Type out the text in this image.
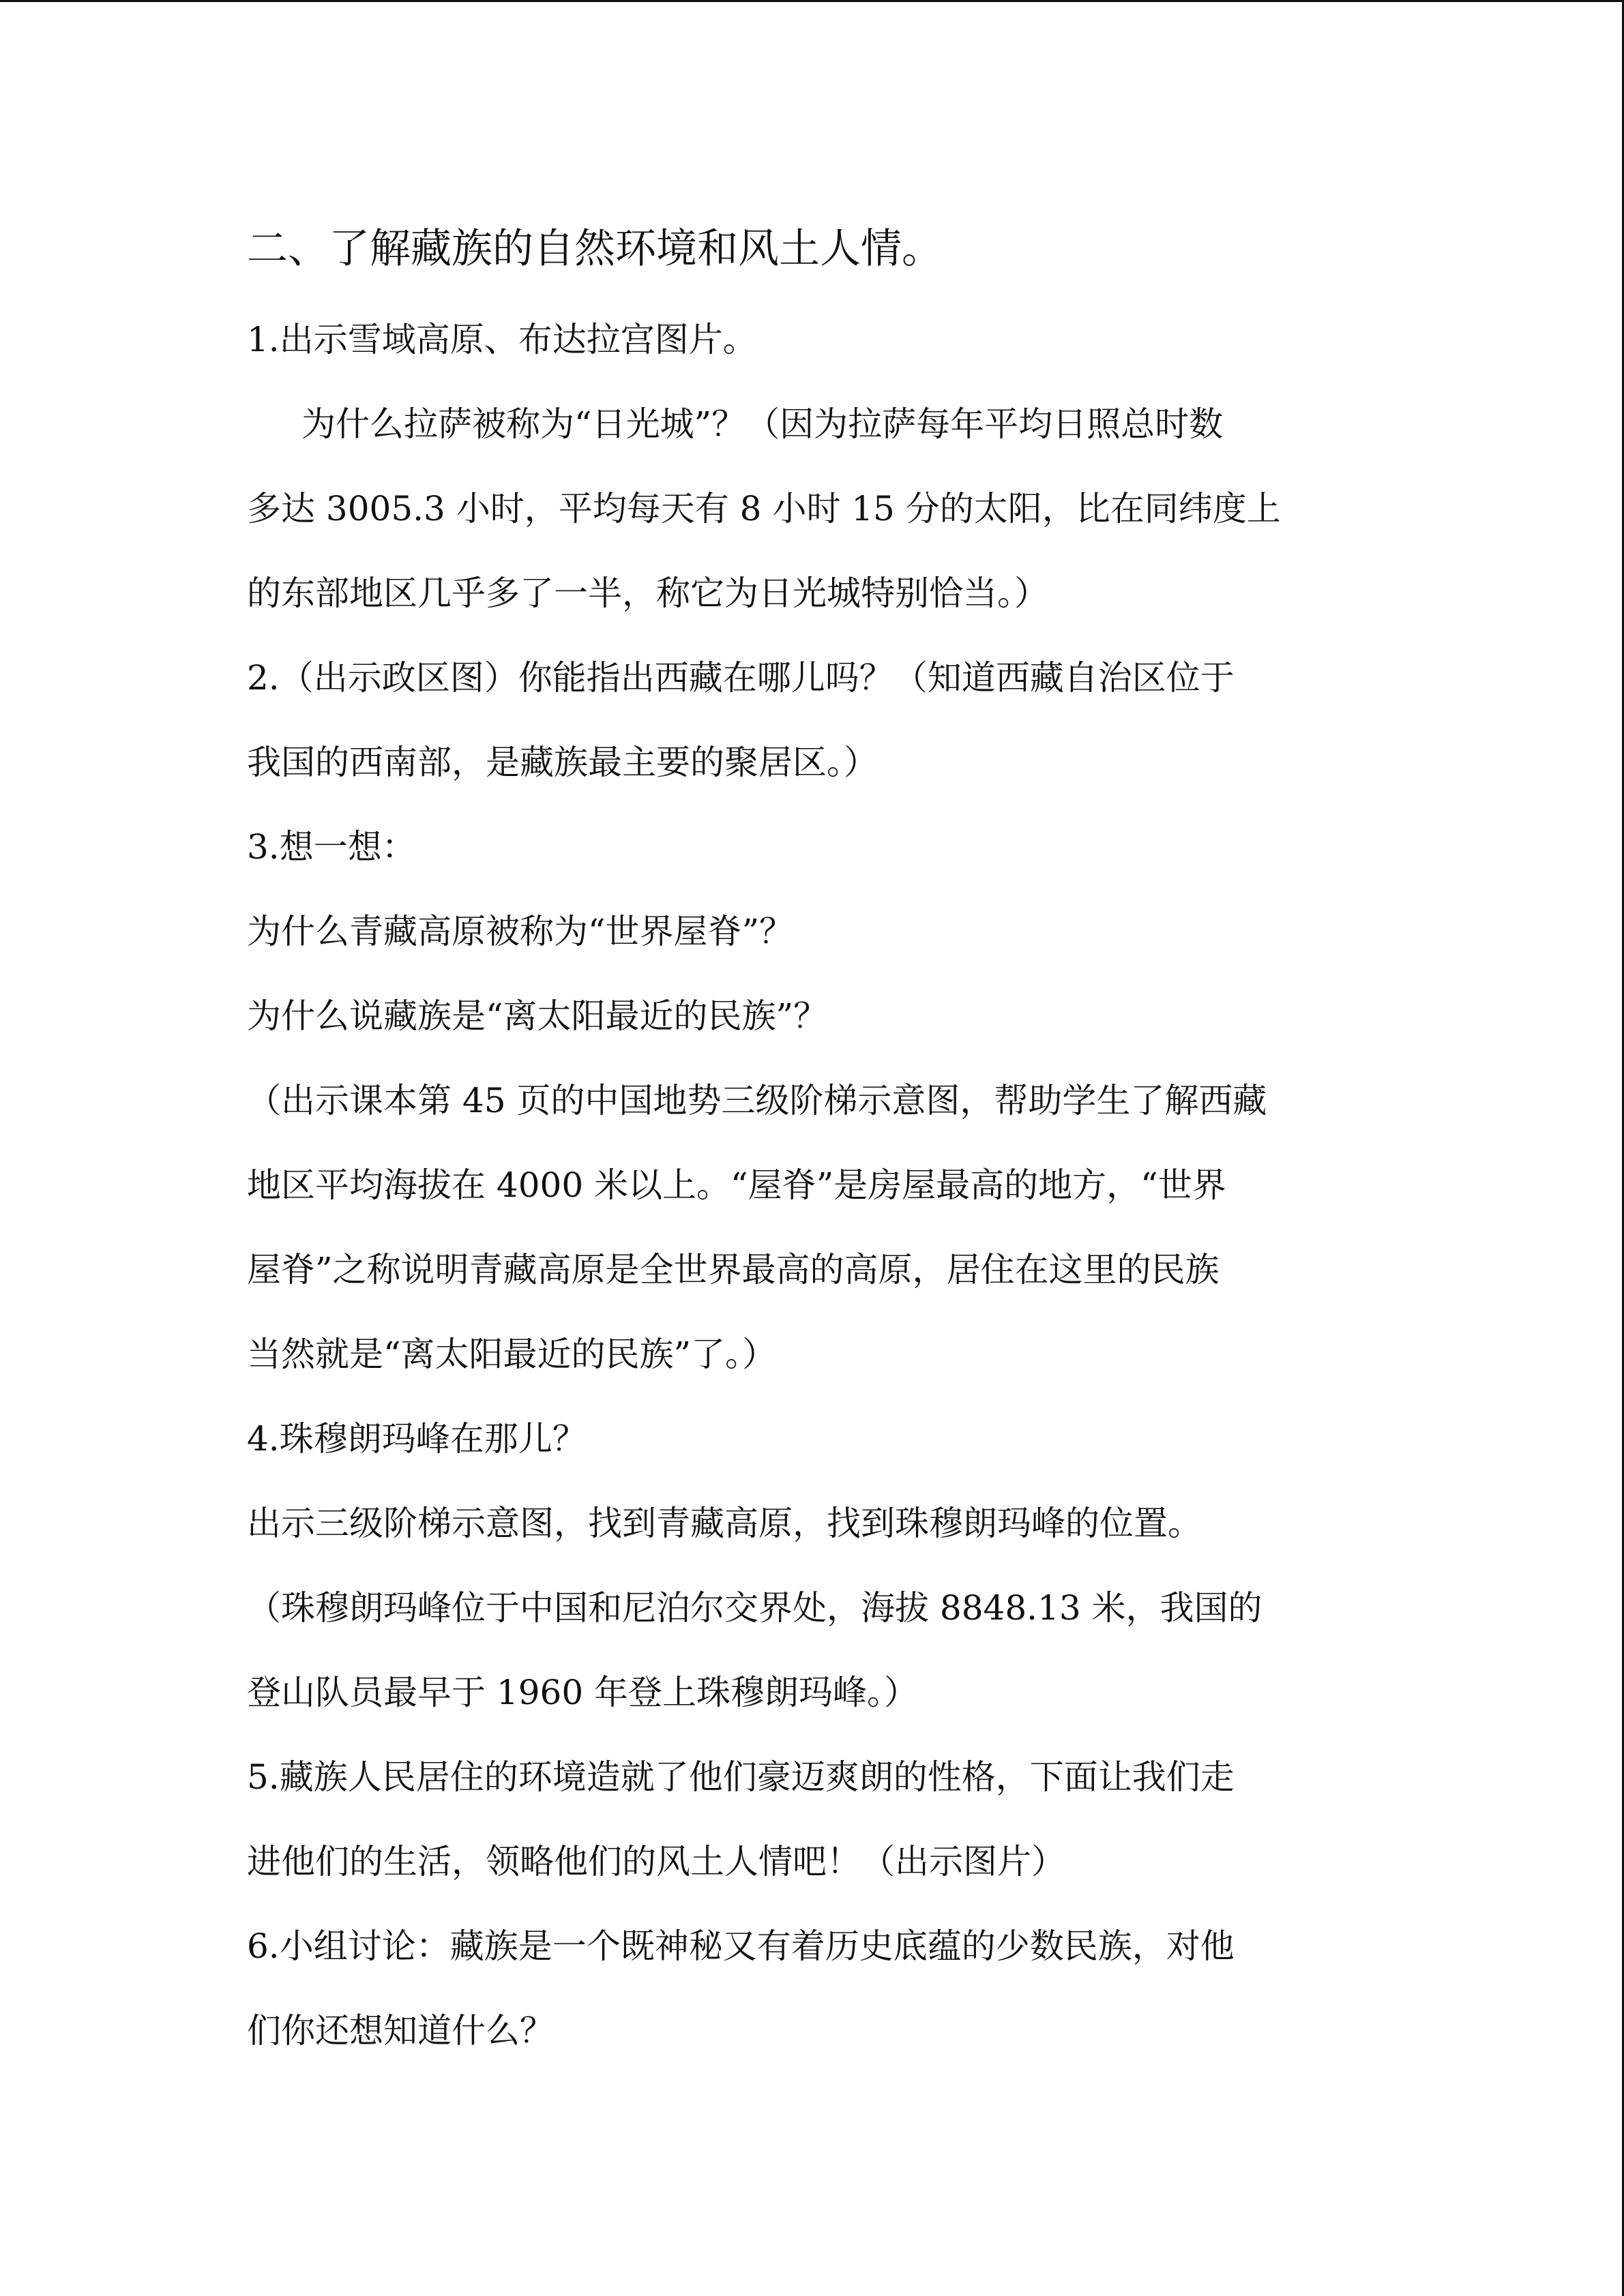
二、了解藏族的自然环境和风土人情。
1.出示雪域高原、布达拉宫图片。
为什么拉萨被称为“日光城”？（因为拉萨每年平均日照总时数
多达 3005.3 小时，平均每天有 8 小时 15 分的太阳，比在同纬度上
的东部地区几乎多了一半，称它为日光城特别恰当。）
2.（出示政区图）你能指出西藏在哪儿吗？（知道西藏自治区位于
我国的西南部，是藏族最主要的聚居区。）
3.想一想：
为什么青藏高原被称为“世界屋脊”？
为什么说藏族是“离太阳最近的民族”？
（出示课本第 45 页的中国地势三级阶梯示意图，帮助学生了解西藏
地区平均海拔在 4000 米以上。“屋脊”是房屋最高的地方，“世界
屋脊”之称说明青藏高原是全世界最高的高原，居住在这里的民族
当然就是“离太阳最近的民族”了。）
4.珠穆朗玛峰在那儿？
出示三级阶梯示意图，找到青藏高原，找到珠穆朗玛峰的位置。
（珠穆朗玛峰位于中国和尼泊尔交界处，海拔 8848.13 米，我国的
登山队员最早于 1960 年登上珠穆朗玛峰。）
5.藏族人民居住的环境造就了他们豪迈爽朗的性格，下面让我们走
进他们的生活，领略他们的风土人情吧！（出示图片）
6.小组讨论：藏族是一个既神秘又有着历史底蕴的少数民族，对他
们你还想知道什么？
